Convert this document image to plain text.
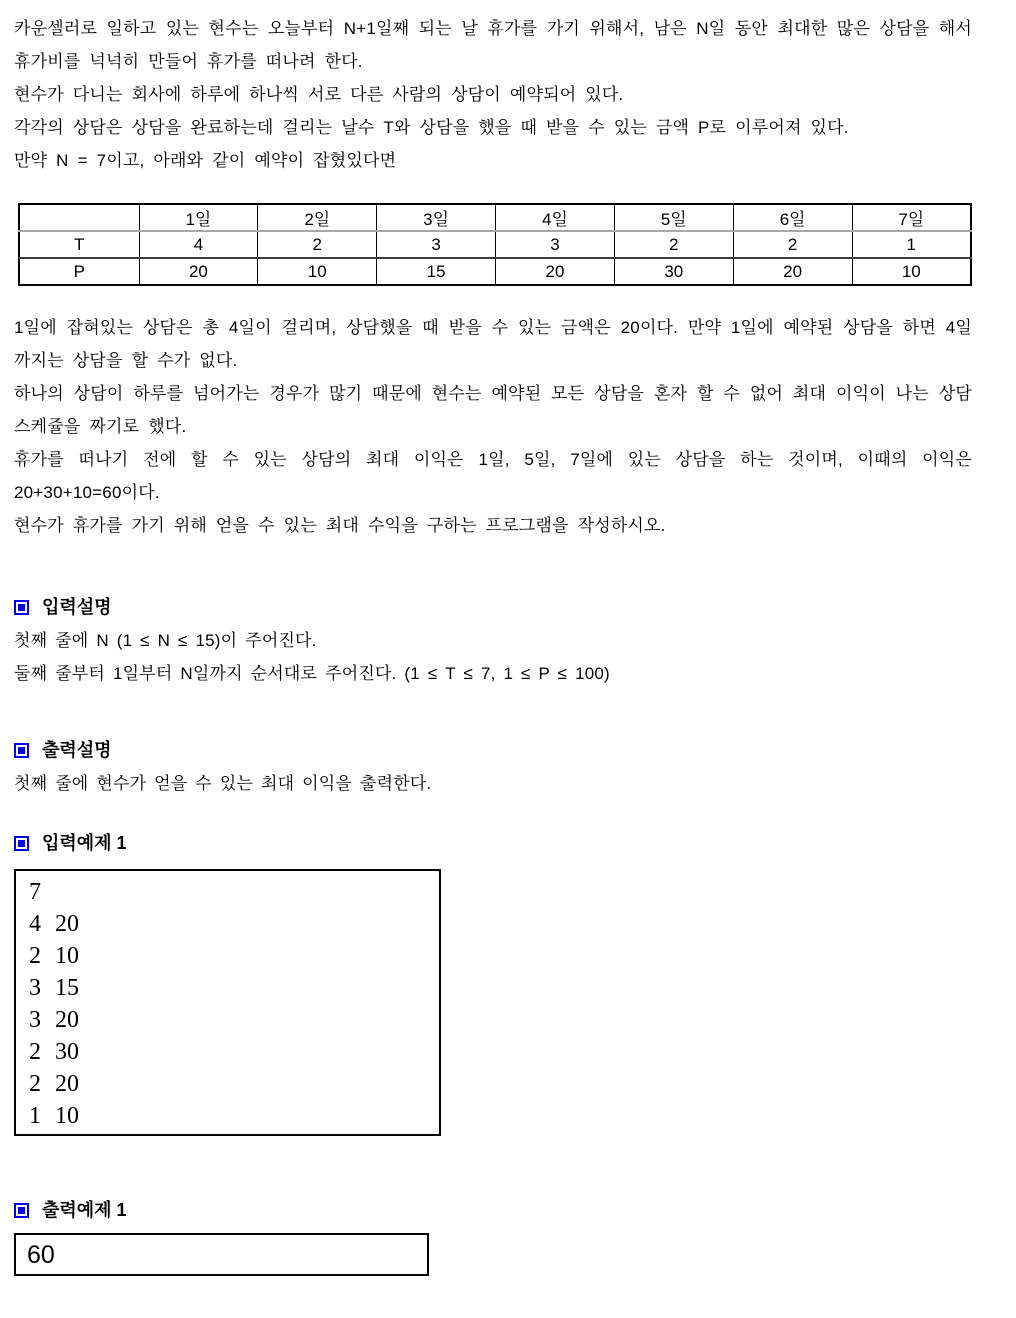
카운셀러로 일하고 있는 현수는 오늘부터 N+1일째 되는 날 휴가를 가기 위해서, 남은 N일 동안 최대한 많은 상담을 해서 휴가비를 넉넉히 만들어 휴가를 떠나려 한다.

현수가 다니는 회사에 하루에 하나씩 서로 다른 사람의 상담이 예약되어 있다.

각각의 상담은 상담을 완료하는데 걸리는 날수 T와 상담을 했을 때 받을 수 있는 금액 P로 이루어져 있다.

만약 N = 7이고, 아래와 같이 예약이 잡혔있다면

	1일	2일	3일	4일	5일	6일	7일
T	4	2	3	3	2	2	1
P	20	10	15	20	30	20	10

1일에 잡혀있는 상담은 총 4일이 걸리며, 상담했을 때 받을 수 있는 금액은 20이다. 만약 1일에 예약된 상담을 하면 4일까지는 상담을 할 수가 없다.

하나의 상담이 하루를 넘어가는 경우가 많기 때문에 현수는 예약된 모든 상담을 혼자 할 수 없어 최대 이익이 나는 상담 스케쥴을 짜기로 했다.

휴가를 떠나기 전에 할 수 있는 상담의 최대 이익은 1일, 5일, 7일에 있는 상담을 하는 것이며, 이때의 이익은 20+30+10=60이다.

현수가 휴가를 가기 위해 얻을 수 있는 최대 수익을 구하는 프로그램을 작성하시오.

입력설명

첫째 줄에 N (1 ≤ N ≤ 15)이 주어진다.

둘째 줄부터 1일부터 N일까지 순서대로 주어진다. (1 ≤ T ≤ 7, 1 ≤ P ≤ 100)

출력설명

첫째 줄에 현수가 얻을 수 있는 최대 이익을 출력한다.

입력예제 1
7
4 20
2 10
3 15
3 20
2 30
2 20
1 10
출력예제 1
60
